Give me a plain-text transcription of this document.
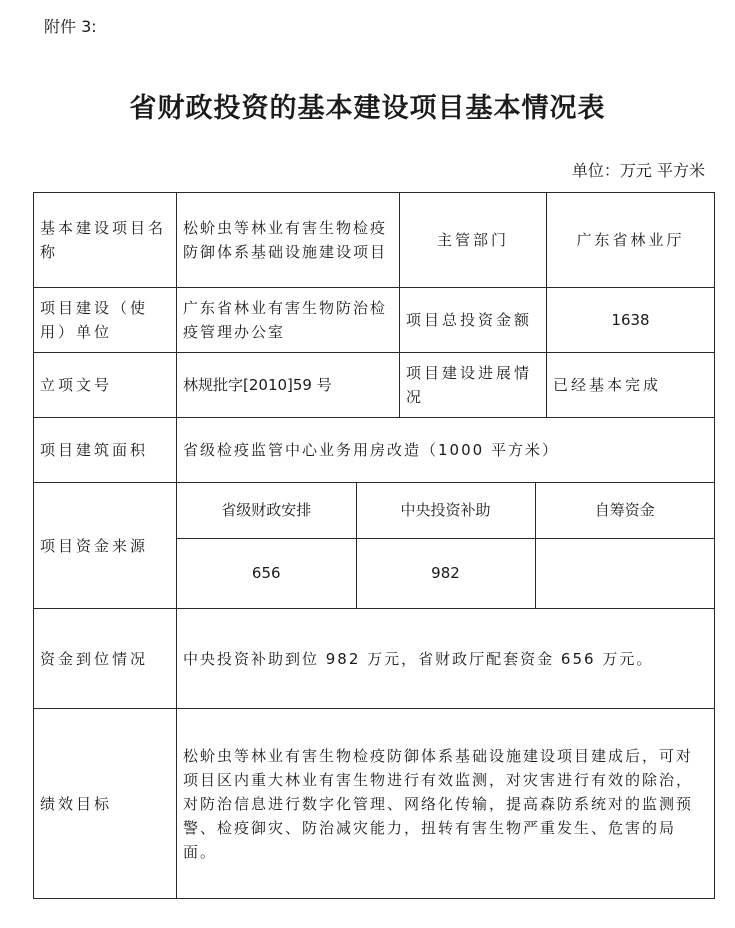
附件 3:
省财政投资的基本建设项目基本情况表
单位：万元 平方米
基本建设项目名称	松蚧虫等林业有害生物检疫防御体系基础设施建设项目	主管部门	广东省林业厅
项目建设（使用）单位	广东省林业有害生物防治检疫管理办公室	项目总投资金额	1638
立项文号	林规批字[2010]59 号	项目建设进展情况	已经基本完成
项目建筑面积	省级检疫监管中心业务用房改造（1000 平方米）
项目资金来源	
省级财政安排	中央投资补助	自筹资金
656	982	

资金到位情况	中央投资补助到位 982 万元，省财政厅配套资金 656 万元。
绩效目标	松蚧虫等林业有害生物检疫防御体系基础设施建设项目建成后，可对项目区内重大林业有害生物进行有效监测，对灾害进行有效的除治，对防治信息进行数字化管理、网络化传输，提高森防系统对的监测预警、检疫御灾、防治减灾能力，扭转有害生物严重发生、危害的局面。
